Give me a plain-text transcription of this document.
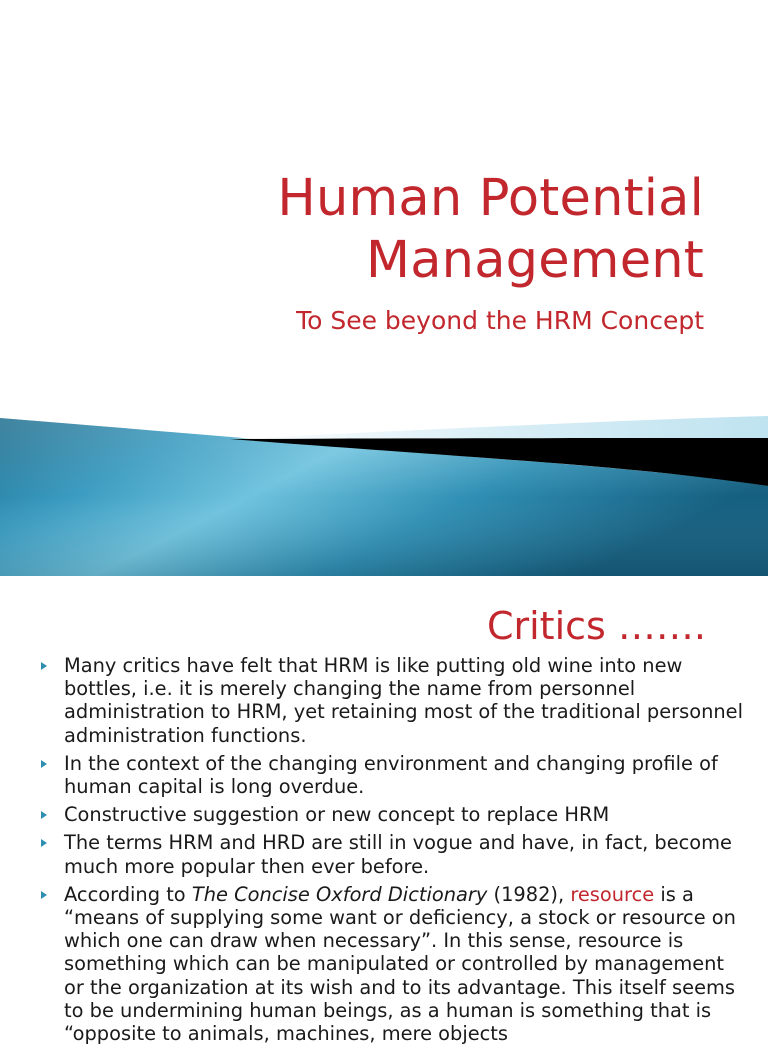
Human Potential
Management
To See beyond the HRM Concept
Critics …….
Many critics have felt that HRM is like putting old wine into new bottles, i.e. it is merely changing the name from personnel administration to HRM, yet retaining most of the traditional personnel administration functions.
In the context of the changing environment and changing profile of human capital is long overdue.
Constructive suggestion or new concept to replace HRM
The terms HRM and HRD are still in vogue and have, in fact, become much more popular then ever before.
According to The Concise Oxford Dictionary (1982), resource is a “means of supplying some want or deficiency, a stock or resource on which one can draw when necessary”. In this sense, resource is something which can be manipulated or controlled by management or the organization at its wish and to its advantage. This itself seems to be undermining human beings, as a human is something that is “opposite to animals, machines, mere objects
